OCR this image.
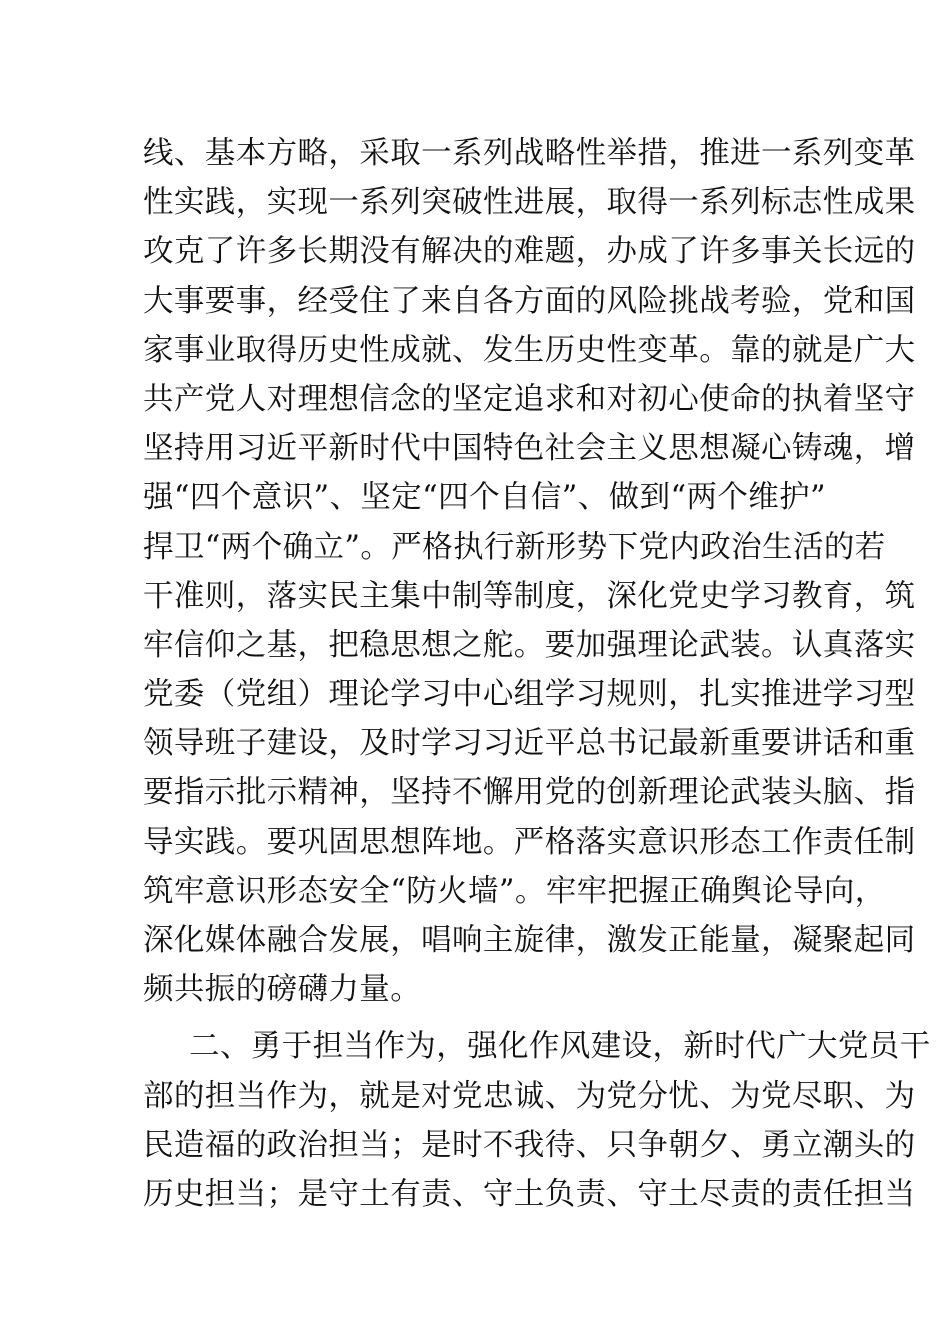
线、基本方略，采取一系列战略性举措，推进一系列变革
性实践，实现一系列突破性进展，取得一系列标志性成果
攻克了许多长期没有解决的难题，办成了许多事关长远的
大事要事，经受住了来自各方面的风险挑战考验，党和国
家事业取得历史性成就、发生历史性变革。靠的就是广大
共产党人对理想信念的坚定追求和对初心使命的执着坚守
坚持用习近平新时代中国特色社会主义思想凝心铸魂，增
强“四个意识”、坚定“四个自信”、做到“两个维护”
捍卫“两个确立”。严格执行新形势下党内政治生活的若
干准则，落实民主集中制等制度，深化党史学习教育，筑
牢信仰之基，把稳思想之舵。要加强理论武装。认真落实
党委（党组）理论学习中心组学习规则，扎实推进学习型
领导班子建设，及时学习习近平总书记最新重要讲话和重
要指示批示精神，坚持不懈用党的创新理论武装头脑、指
导实践。要巩固思想阵地。严格落实意识形态工作责任制
筑牢意识形态安全“防火墙”。牢牢把握正确舆论导向，
深化媒体融合发展，唱响主旋律，激发正能量，凝聚起同
频共振的磅礴力量。
二、勇于担当作为，强化作风建设，新时代广大党员干
部的担当作为，就是对党忠诚、为党分忧、为党尽职、为
民造福的政治担当；是时不我待、只争朝夕、勇立潮头的
历史担当；是守土有责、守土负责、守土尽责的责任担当
